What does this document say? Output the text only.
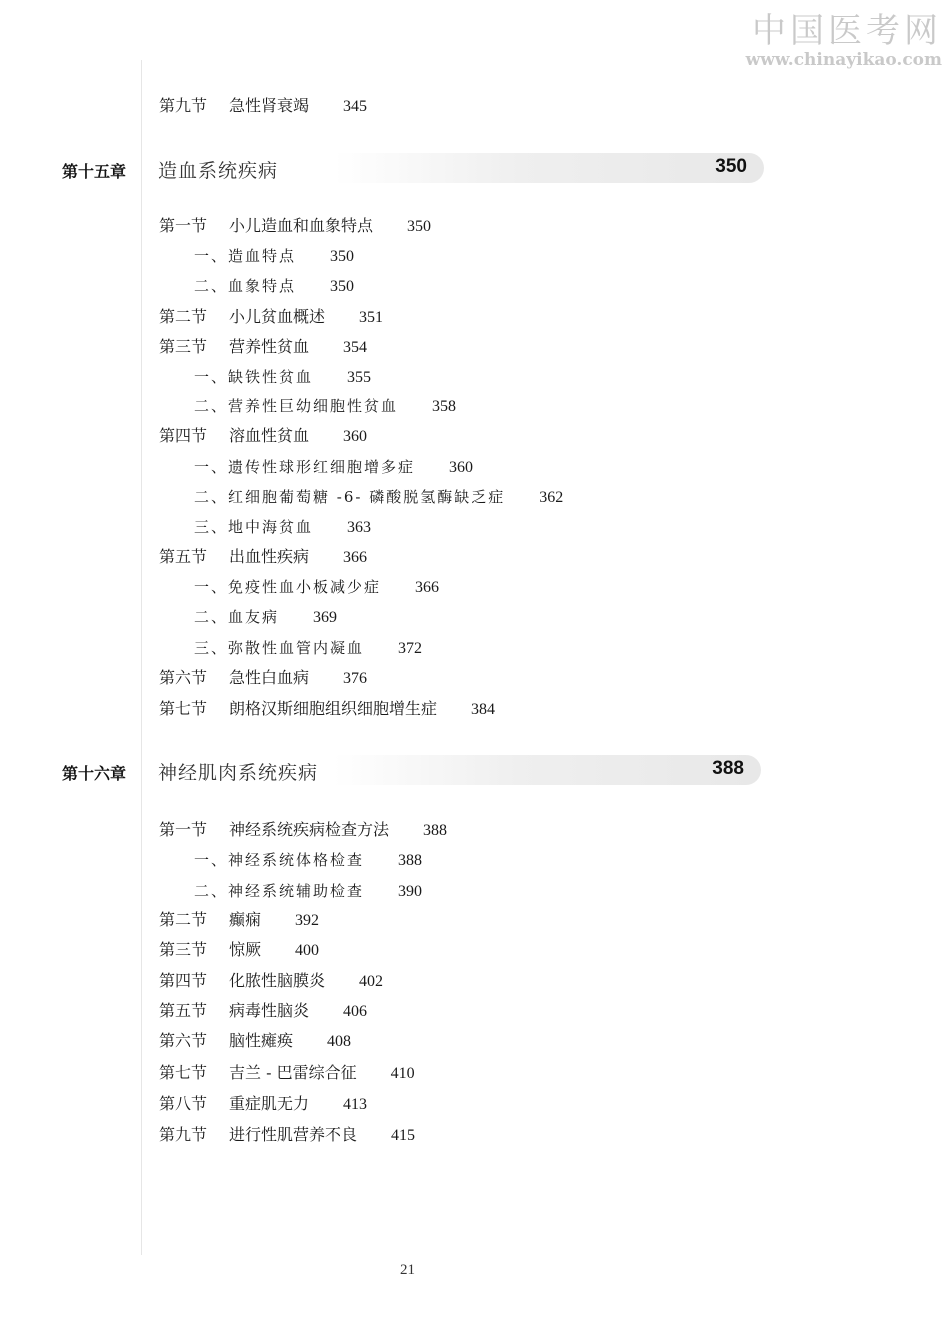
中国医考网
www.chinayikao.com
第九节 急性肾衰竭 345
第十五章 造血系统疾病	350
第一节 小儿造血和血象特点 350
一、造血特点 350
二、血象特点 350
第二节 小儿贫血概述 351
第三节 营养性贫血 354
一、缺铁性贫血 355
二、营养性巨幼细胞性贫血 358
第四节 溶血性贫血 360
一、遗传性球形红细胞增多症 360
二、红细胞葡萄糖 -6- 磷酸脱氢酶缺乏症 362
三、地中海贫血 363
第五节 出血性疾病 366
一、免疫性血小板减少症 366
二、血友病 369
三、弥散性血管内凝血 372
第六节 急性白血病 376
第七节 朗格汉斯细胞组织细胞增生症 384
第十六章 神经肌肉系统疾病	388
第一节 神经系统疾病检查方法 388
一、神经系统体格检查 388
二、神经系统辅助检查 390
第二节 癫痫 392
第三节 惊厥 400
第四节 化脓性脑膜炎 402
第五节 病毒性脑炎 406
第六节 脑性瘫痪 408
第七节 吉兰 - 巴雷综合征 410
第八节 重症肌无力 413
第九节 进行性肌营养不良 415
21
